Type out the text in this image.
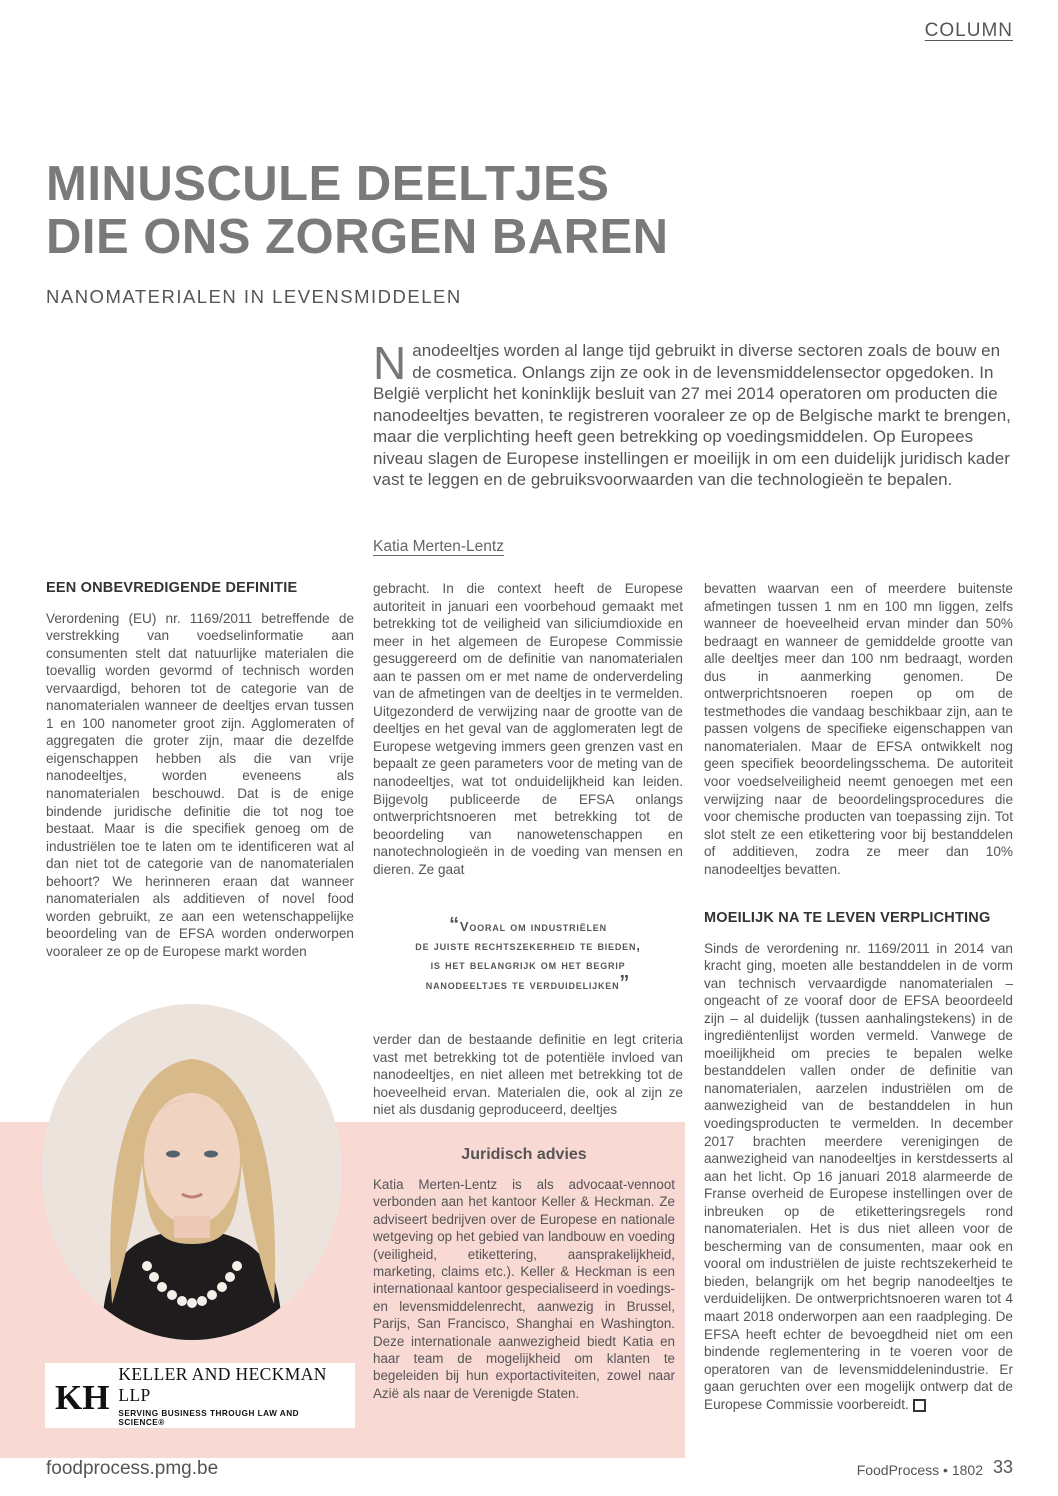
COLUMN
MINUSCULE DEELTJES
DIE ONS ZORGEN BAREN
NANOMATERIALEN IN LEVENSMIDDELEN

Nanodeeltjes worden al lange tijd gebruikt in diverse sectoren zoals de bouw en de cosmetica. Onlangs zijn ze ook in de levensmiddelensector opgedoken. In België verplicht het koninklijk besluit van 27 mei 2014 operatoren om producten die nanodeeltjes bevatten, te registreren vooraleer ze op de Belgische markt te brengen, maar die verplichting heeft geen betrekking op voedingsmiddelen. Op Europees niveau slagen de Europese instellingen er moeilijk in om een duidelijk juridisch kader vast te leggen en de gebruiksvoorwaarden van die technologieën te bepalen.

Katia Merten-Lentz
EEN ONBEVREDIGENDE DEFINITIE

Verordening (EU) nr. 1169/2011 betreffende de verstrekking van voedselinformatie aan consumenten stelt dat natuurlijke materialen die toevallig worden gevormd of technisch worden vervaardigd, behoren tot de categorie van de nanomaterialen wanneer de deeltjes ervan tussen 1 en 100 nanometer groot zijn. Agglomeraten of aggregaten die groter zijn, maar die dezelfde eigenschappen hebben als die van vrije nanodeeltjes, worden eveneens als nanomaterialen beschouwd. Dat is de enige bindende juridische definitie die tot nog toe bestaat. Maar is die specifiek genoeg om de industriëlen toe te laten om te identificeren wat al dan niet tot de categorie van de nanomaterialen behoort? We herinneren eraan dat wanneer nanomaterialen als additieven of novel food worden gebruikt, ze aan een wetenschappelijke beoordeling van de EFSA worden onderworpen vooraleer ze op de Europese markt worden

gebracht. In die context heeft de Europese autoriteit in januari een voorbehoud gemaakt met betrekking tot de veiligheid van siliciumdioxide en meer in het algemeen de Europese Commissie gesuggereerd om de definitie van nanomaterialen aan te passen om er met name de onderverdeling van de afmetingen van de deeltjes in te vermelden. Uitgezonderd de verwijzing naar de grootte van de deeltjes en het geval van de agglomeraten legt de Europese wetgeving immers geen grenzen vast en bepaalt ze geen parameters voor de meting van de nanodeeltjes, wat tot onduidelijkheid kan leiden. Bijgevolg publiceerde de EFSA onlangs ontwerprichtsnoeren met betrekking tot de beoordeling van nanowetenschappen en nanotechnologieën in de voeding van mensen en dieren. Ze gaat

“Vooral om industriëlen
de juiste rechtszekerheid te bieden,
is het belangrijk om het begrip
nanodeeltjes te verduidelijken”

verder dan de bestaande definitie en legt criteria vast met betrekking tot de potentiële invloed van nanodeeltjes, en niet alleen met betrekking tot de hoeveelheid ervan. Materialen die, ook al zijn ze niet als dusdanig geproduceerd, deeltjes

Juridisch advies

Katia Merten-Lentz is als advocaat-vennoot verbonden aan het kantoor Keller & Heckman. Ze adviseert bedrijven over de Europese en nationale wetgeving op het gebied van landbouw en voeding (veiligheid, etikettering, aansprakelijkheid, marketing, claims etc.). Keller & Heckman is een internationaal kantoor gespecialiseerd in voedings- en levensmiddelenrecht, aanwezig in Brussel, Parijs, San Francisco, Shanghai en Washington. Deze internationale aanwezigheid biedt Katia en haar team de mogelijkheid om klanten te begeleiden bij hun exportactiviteiten, zowel naar Azië als naar de Verenigde Staten.

KH
KELLER AND HECKMAN LLP
SERVING BUSINESS THROUGH LAW AND SCIENCE®

bevatten waarvan een of meerdere buitenste afmetingen tussen 1 nm en 100 mn liggen, zelfs wanneer de hoeveelheid ervan minder dan 50% bedraagt en wanneer de gemiddelde grootte van alle deeltjes meer dan 100 nm bedraagt, worden dus in aanmerking genomen. De ontwerprichtsnoeren roepen op om de testmethodes die vandaag beschikbaar zijn, aan te passen volgens de specifieke eigenschappen van nanomaterialen. Maar de EFSA ontwikkelt nog geen specifiek beoordelingsschema. De autoriteit voor voedselveiligheid neemt genoegen met een verwijzing naar de beoordelingsprocedures die voor chemische producten van toepassing zijn. Tot slot stelt ze een etikettering voor bij bestanddelen of additieven, zodra ze meer dan 10% nanodeeltjes bevatten.

MOEILIJK NA TE LEVEN VERPLICHTING

Sinds de verordening nr. 1169/2011 in 2014 van kracht ging, moeten alle bestanddelen in de vorm van technisch vervaardigde nanomaterialen – ongeacht of ze vooraf door de EFSA beoordeeld zijn – al duidelijk (tussen aanhalingstekens) in de ingrediëntenlijst worden vermeld. Vanwege de moeilijkheid om precies te bepalen welke bestanddelen vallen onder de definitie van nanomaterialen, aarzelen industriëlen om de aanwezigheid van de bestanddelen in hun voedingsproducten te vermelden. In december 2017 brachten meerdere verenigingen de aanwezigheid van nanodeeltjes in kerstdesserts al aan het licht. Op 16 januari 2018 alarmeerde de Franse overheid de Europese instellingen over de inbreuken op de etiketteringsregels rond nanomaterialen. Het is dus niet alleen voor de bescherming van de consumenten, maar ook en vooral om industriëlen de juiste rechtszekerheid te bieden, belangrijk om het begrip nanodeeltjes te verduidelijken. De ontwerprichtsnoeren waren tot 4 maart 2018 onderworpen aan een raadpleging. De EFSA heeft echter de bevoegdheid niet om een bindende reglementering in te voeren voor de operatoren van de levensmiddelenindustrie. Er gaan geruchten over een mogelijk ontwerp dat de Europese Commissie voorbereidt.

foodprocess.pmg.be	FoodProcess • 1802 33
